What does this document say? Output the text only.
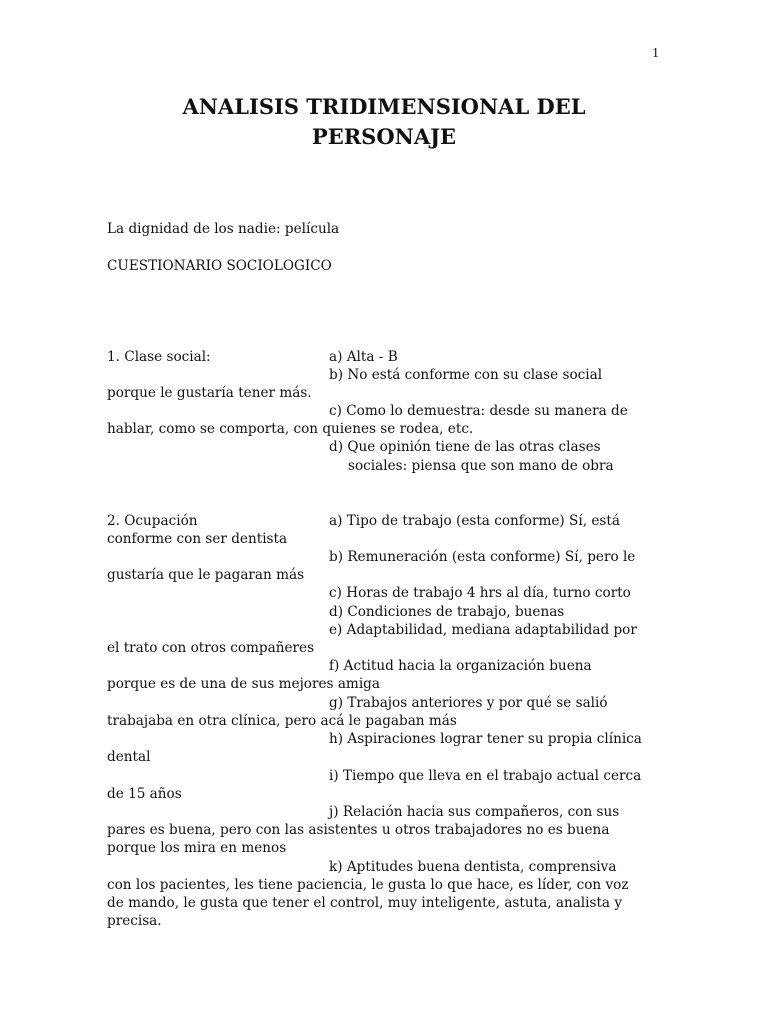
1
ANALISIS TRIDIMENSIONAL DEL
PERSONAJE
La dignidad de los nadie: película
CUESTIONARIO SOCIOLOGICO
1. Clase social:	a) Alta - B
b) No está conforme con su clase social
porque le gustaría tener más.
c) Como lo demuestra: desde su manera de
hablar, como se comporta, con quienes se rodea, etc.
d) Que opinión tiene de las otras clases
sociales: piensa que son mano de obra
2. Ocupación	a) Tipo de trabajo (esta conforme) Sí, está
conforme con ser dentista
b) Remuneración (esta conforme) Sí, pero le
gustaría que le pagaran más
c) Horas de trabajo 4 hrs al día, turno corto
d) Condiciones de trabajo, buenas
e) Adaptabilidad, mediana adaptabilidad por
el trato con otros compañeres
f) Actitud hacia la organización buena
porque es de una de sus mejores amiga
g) Trabajos anteriores y por qué se salió
trabajaba en otra clínica, pero acá le pagaban más
h) Aspiraciones lograr tener su propia clínica
dental
i) Tiempo que lleva en el trabajo actual cerca
de 15 años
j) Relación hacia sus compañeros, con sus
pares es buena, pero con las asistentes u otros trabajadores no es buena
porque los mira en menos
k) Aptitudes buena dentista, comprensiva
con los pacientes, les tiene paciencia, le gusta lo que hace, es líder, con voz
de mando, le gusta que tener el control, muy inteligente, astuta, analista y
precisa.
